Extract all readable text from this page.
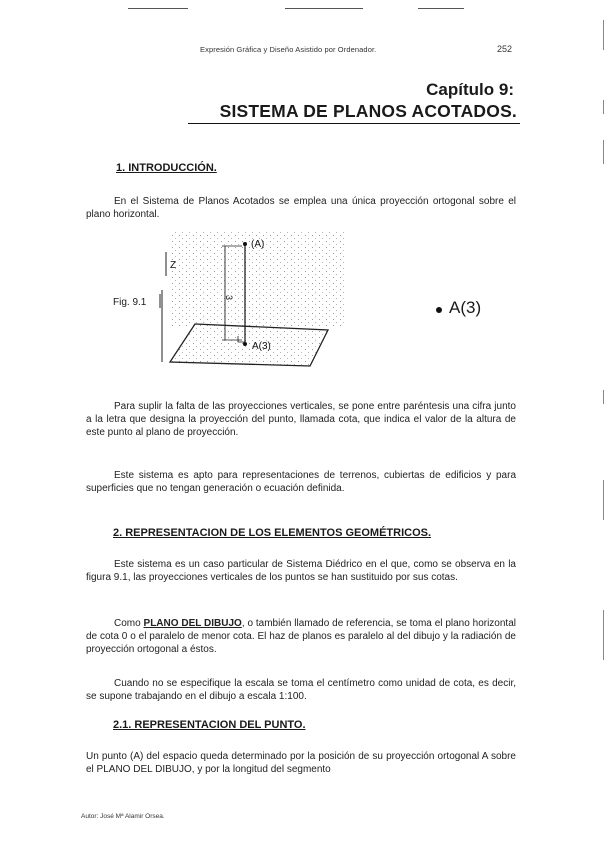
Expresión Gráfica y Diseño Asistido por Ordenador.	252
Capítulo 9:
SISTEMA DE PLANOS ACOTADOS.
1. INTRODUCCIÓN.
En el Sistema de Planos Acotados se emplea una única proyección ortogonal sobre el plano horizontal.
Fig. 9.1
(A)
Z
3
A(3)
A(3)
Para suplir la falta de las proyecciones verticales, se pone entre paréntesis una cifra junto a la letra que designa la proyección del punto, llamada cota, que indica el valor de la altura de este punto al plano de proyección.
Este sistema es apto para representaciones de terrenos, cubiertas de edificios y para superficies que no tengan generación o ecuación definida.
2. REPRESENTACION DE LOS ELEMENTOS GEOMÉTRICOS.
Este sistema es un caso particular de Sistema Diédrico en el que, como se observa en la figura 9.1, las proyecciones verticales de los puntos se han sustituido por sus cotas.
Como PLANO DEL DIBUJO, o también llamado de referencia, se toma el plano horizontal de cota 0 o el paralelo de menor cota. El haz de planos es paralelo al del dibujo y la radiación de proyección ortogonal a éstos.
Cuando no se especifique la escala se toma el centímetro como unidad de cota, es decir, se supone trabajando en el dibujo a escala 1:100.
2.1. REPRESENTACION DEL PUNTO.
Un punto (A) del espacio queda determinado por la posición de su proyección ortogonal A sobre el PLANO DEL DIBUJO, y por la longitud del segmento
Autor: José Mª Alamir Orsea.
